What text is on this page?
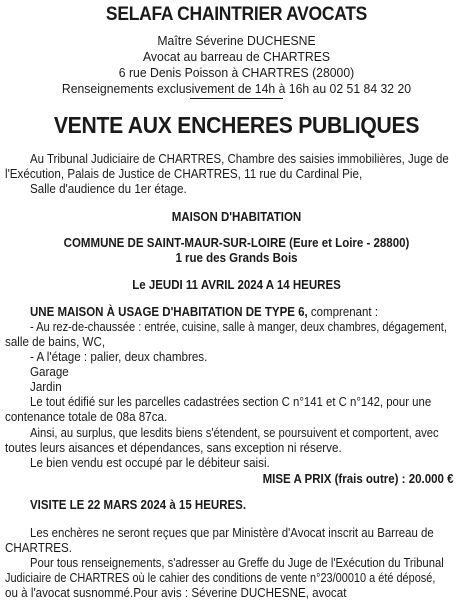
SELAFA CHAINTRIER AVOCATS
Maître Séverine DUCHESNE
Avocat au barreau de CHARTRES
6 rue Denis Poisson à CHARTRES (28000)
Renseignements exclusivement de 14h à 16h au 02 51 84 32 20
VENTE AUX ENCHERES PUBLIQUES
Au Tribunal Judiciaire de CHARTRES, Chambre des saisies immobilières, Juge de
l'Exécution, Palais de Justice de CHARTRES, 11 rue du Cardinal Pie,
Salle d'audience du 1er étage.
MAISON D'HABITATION
COMMUNE DE SAINT-MAUR-SUR-LOIRE (Eure et Loire - 28800)
1 rue des Grands Bois
Le JEUDI 11 AVRIL 2024 A 14 HEURES
UNE MAISON À USAGE D'HABITATION DE TYPE 6, comprenant :
- Au rez-de-chaussée : entrée, cuisine, salle à manger, deux chambres, dégagement,
salle de bains, WC,
- A l'étage : palier, deux chambres.
Garage
Jardin
Le tout édifié sur les parcelles cadastrées section C n°141 et C n°142, pour une
contenance totale de 08a 87ca.
Ainsi, au surplus, que lesdits biens s'étendent, se poursuivent et comportent, avec
toutes leurs aisances et dépendances, sans exception ni réserve.
Le bien vendu est occupé par le débiteur saisi.
MISE A PRIX (frais outre) : 20.000 €
VISITE LE 22 MARS 2024 à 15 HEURES.
Les enchères ne seront reçues que par Ministère d'Avocat inscrit au Barreau de
CHARTRES.
Pour tous renseignements, s'adresser au Greffe du Juge de l'Exécution du Tribunal
Judiciaire de CHARTRES où le cahier des conditions de vente n°23/00010 a été déposé,
ou à l'avocat susnommé.Pour avis : Séverine DUCHESNE, avocat
